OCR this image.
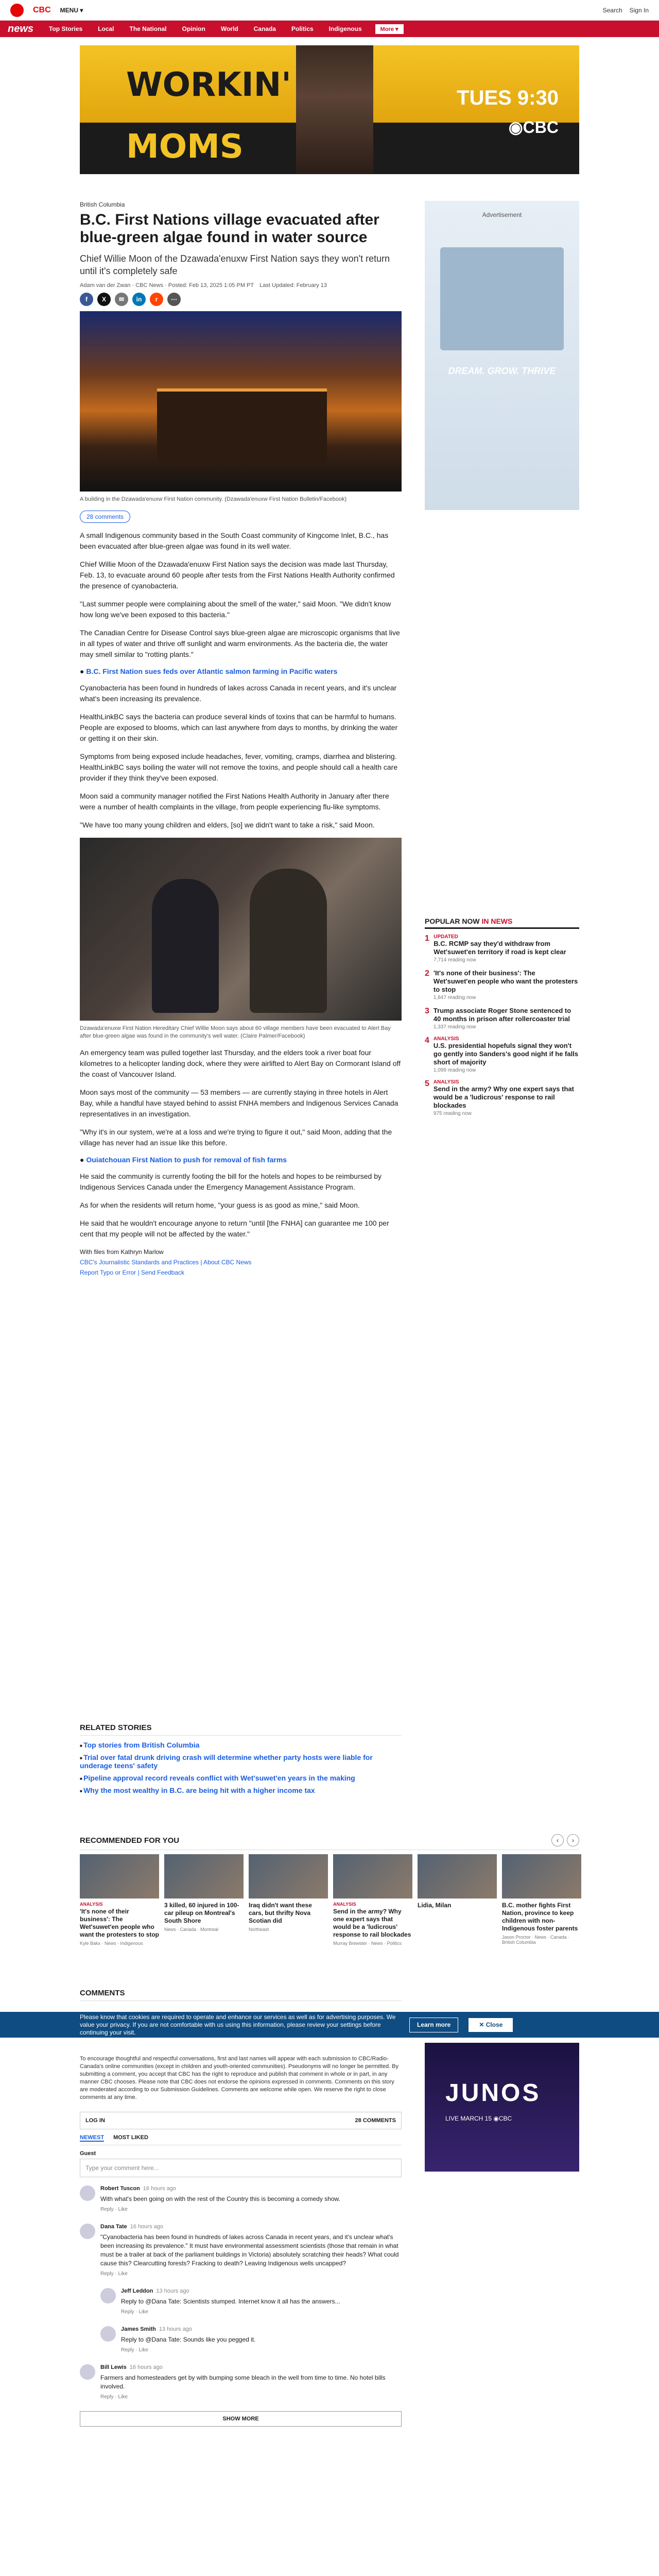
CBC MENU ▾	Search Sign In
news	Top Stories	Local	The National	Opinion	World	Canada	Politics	Indigenous	More ▾
WORKIN'
MOMS
TUES 9:30
◉CBC
British Columbia
B.C. First Nations village evacuated after blue-green algae found in water source
Chief Willie Moon of the Dzawada'enuxw First Nation says they won't return until it's completely safe
Adam van der Zwan · CBC News · Posted: Feb 13, 2025 1:05 PM PT Last Updated: February 13
f	X	✉	in	r	⋯
A building in the Dzawada'enuxw First Nation community. (Dzawada'enuxw First Nation Bulletin/Facebook)
28 comments

A small Indigenous community based in the South Coast community of Kingcome Inlet, B.C., has been evacuated after blue-green algae was found in its well water.

Chief Willie Moon of the Dzawada'enuxw First Nation says the decision was made last Thursday, Feb. 13, to evacuate around 60 people after tests from the First Nations Health Authority confirmed the presence of cyanobacteria.

"Last summer people were complaining about the smell of the water," said Moon. "We didn't know how long we've been exposed to this bacteria."

The Canadian Centre for Disease Control says blue-green algae are microscopic organisms that live in all types of water and thrive off sunlight and warm environments. As the bacteria die, the water may smell similar to "rotting plants."

● B.C. First Nation sues feds over Atlantic salmon farming in Pacific waters

Cyanobacteria has been found in hundreds of lakes across Canada in recent years, and it's unclear what's been increasing its prevalence.

HealthLinkBC says the bacteria can produce several kinds of toxins that can be harmful to humans. People are exposed to blooms, which can last anywhere from days to months, by drinking the water or getting it on their skin.

Symptoms from being exposed include headaches, fever, vomiting, cramps, diarrhea and blistering. HealthLinkBC says boiling the water will not remove the toxins, and people should call a health care provider if they think they've been exposed.

Moon said a community manager notified the First Nations Health Authority in January after there were a number of health complaints in the village, from people experiencing flu-like symptoms.

"We have too many young children and elders, [so] we didn't want to take a risk," said Moon.

Dzawada'enuxw First Nation Hereditary Chief Willie Moon says about 60 village members have been evacuated to Alert Bay after blue-green algae was found in the community's well water. (Claire Palmer/Facebook)

An emergency team was pulled together last Thursday, and the elders took a river boat four kilometres to a helicopter landing dock, where they were airlifted to Alert Bay on Cormorant Island off the coast of Vancouver Island.

Moon says most of the community — 53 members — are currently staying in three hotels in Alert Bay, while a handful have stayed behind to assist FNHA members and Indigenous Services Canada representatives in an investigation.

"Why it's in our system, we're at a loss and we're trying to figure it out," said Moon, adding that the village has never had an issue like this before.

● Ouiatchouan First Nation to push for removal of fish farms

He said the community is currently footing the bill for the hotels and hopes to be reimbursed by Indigenous Services Canada under the Emergency Management Assistance Program.

As for when the residents will return home, "your guess is as good as mine," said Moon.

He said that he wouldn't encourage anyone to return "until [the FNHA] can guarantee me 100 per cent that my people will not be affected by the water."

With files from Kathryn Marlow
CBC's Journalistic Standards and Practices | About CBC News
Report Typo or Error | Send Feedback
Advertisement
DREAM. GROW. THRIVE
POPULAR NOW IN NEWS
1 UPDATED
B.C. RCMP say they'd withdraw from Wet'suwet'en territory if road is kept clear
7,714 reading now
2 'It's none of their business': The Wet'suwet'en people who want the protesters to stop
1,847 reading now
3 Trump associate Roger Stone sentenced to 40 months in prison after rollercoaster trial
1,337 reading now
4 ANALYSIS
U.S. presidential hopefuls signal they won't go gently into Sanders's good night if he falls short of majority
1,099 reading now
5 ANALYSIS
Send in the army? Why one expert says that would be a 'ludicrous' response to rail blockades
975 reading now
RELATED STORIES
■ Top stories from British Columbia
■ Trial over fatal drunk driving crash will determine whether party hosts were liable for underage teens' safety
■ Pipeline approval record reveals conflict with Wet'suwet'en years in the making
■ Why the most wealthy in B.C. are being hit with a higher income tax
RECOMMENDED FOR YOU	‹	›
ANALYSIS
'It's none of their business': The Wet'suwet'en people who want the protesters to stop
Kyle Bakx · News · Indigenous
3 killed, 60 injured in 100-car pileup on Montreal's South Shore
News · Canada · Montreal
Iraq didn't want these cars, but thrifty Nova Scotian did
Northeast
ANALYSIS
Send in the army? Why one expert says that would be a 'ludicrous' response to rail blockades
Murray Brewster · News · Politics
Lidia, Milan	B.C. mother fights First Nation, province to keep children with non-Indigenous foster parents
Jason Proctor · News · Canada · British Columbia
COMMENTS
To encourage thoughtful and respectful conversations, first and last names will appear with each submission to CBC/Radio-Canada's online communities (except in children and youth-oriented communities). Pseudonyms will no longer be permitted. By submitting a comment, you accept that CBC has the right to reproduce and publish that comment in whole or in part, in any manner CBC chooses. Please note that CBC does not endorse the opinions expressed in comments. Comments on this story are moderated according to our Submission Guidelines. Comments are welcome while open. We reserve the right to close comments at any time.
LOG IN	28 COMMENTS
NEWEST MOST LIKED
Guest
Type your comment here...
Robert Tuscon 16 hours ago
With what's been going on with the rest of the Country this is becoming a comedy show.
Reply · Like
Dana Tate 16 hours ago
"Cyanobacteria has been found in hundreds of lakes across Canada in recent years, and it's unclear what's been increasing its prevalence." It must have environmental assessment scientists (those that remain in what must be a trailer at back of the parliament buildings in Victoria) absolutely scratching their heads? What could cause this? Clearcutting forests? Fracking to death? Leaving Indigenous wells uncapped?
Reply · Like
Jeff Leddon 13 hours ago
Reply to @Dana Tate: Scientists stumped. Internet know it all has the answers...
Reply · Like
James Smith 13 hours ago
Reply to @Dana Tate: Sounds like you pegged it.
Reply · Like
Bill Lewis 16 hours ago
Farmers and homesteaders get by with bumping some bleach in the well from time to time. No hotel bills involved.
Reply · Like
SHOW MORE
JUNOS
LIVE MARCH 15 ◉CBC
Please know that cookies are required to operate and enhance our services as well as for advertising purposes. We value your privacy. If you are not comfortable with us using this information, please review your settings before continuing your visit.
Learn more	✕ Close
